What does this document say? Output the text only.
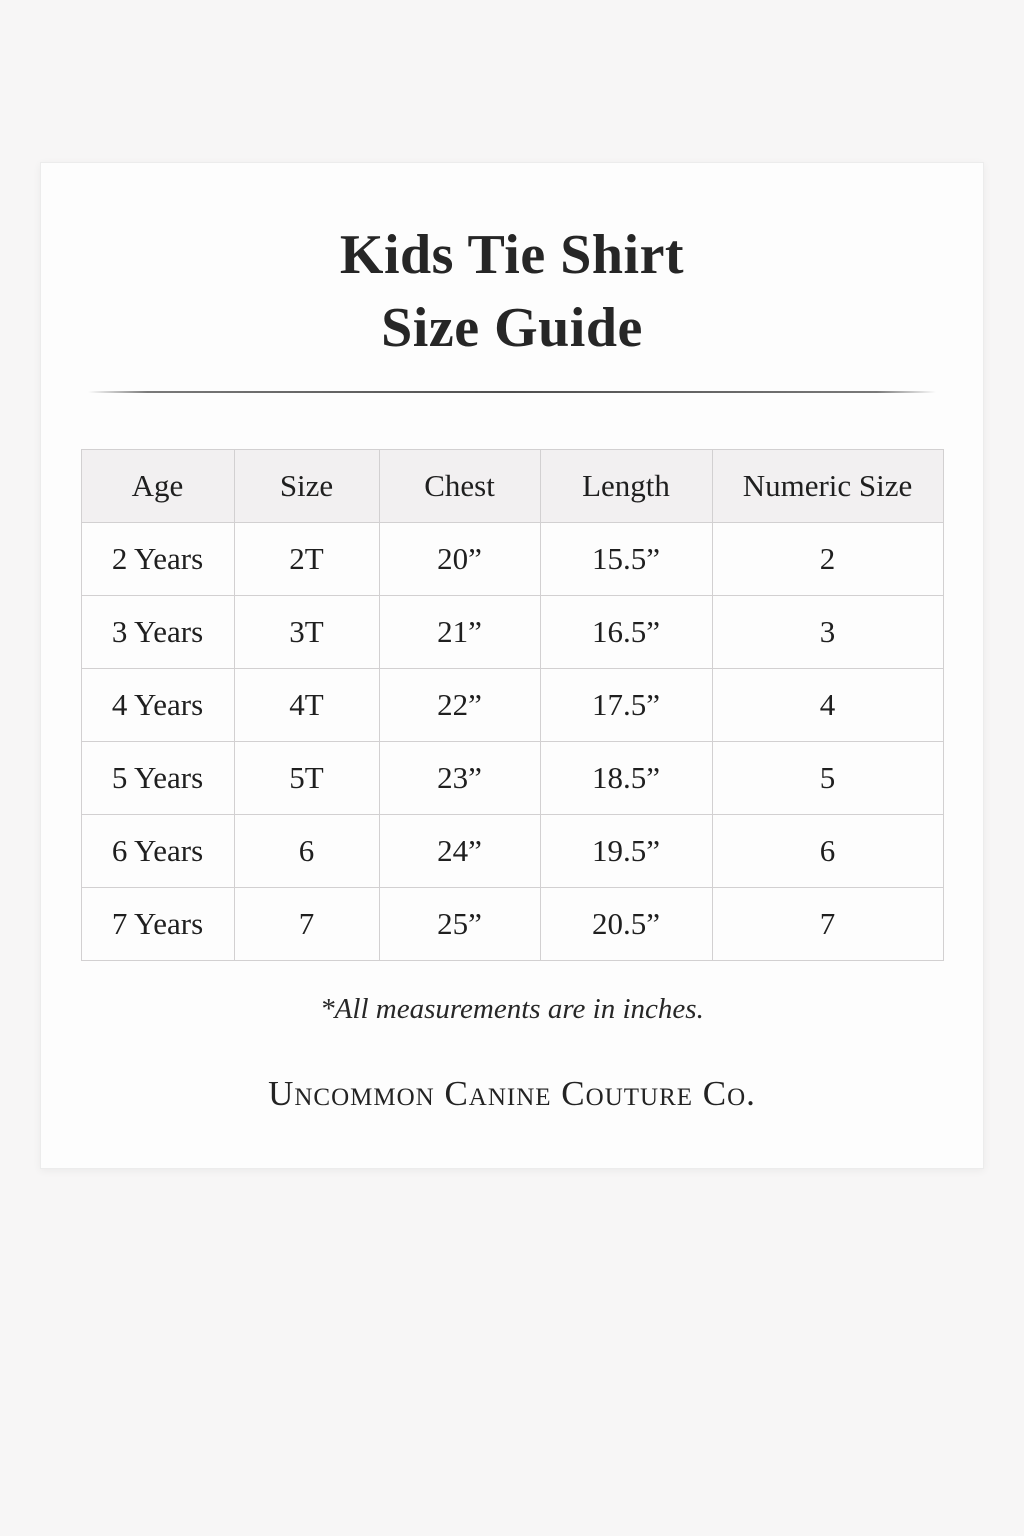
Kids Tie Shirt
Size Guide
Age	Size	Chest	Length	Numeric Size
2 Years	2T	20”	15.5”	2
3 Years	3T	21”	16.5”	3
4 Years	4T	22”	17.5”	4
5 Years	5T	23”	18.5”	5
6 Years	6	24”	19.5”	6
7 Years	7	25”	20.5”	7

*All measurements are in inches.

Uncommon Canine Couture Co.
